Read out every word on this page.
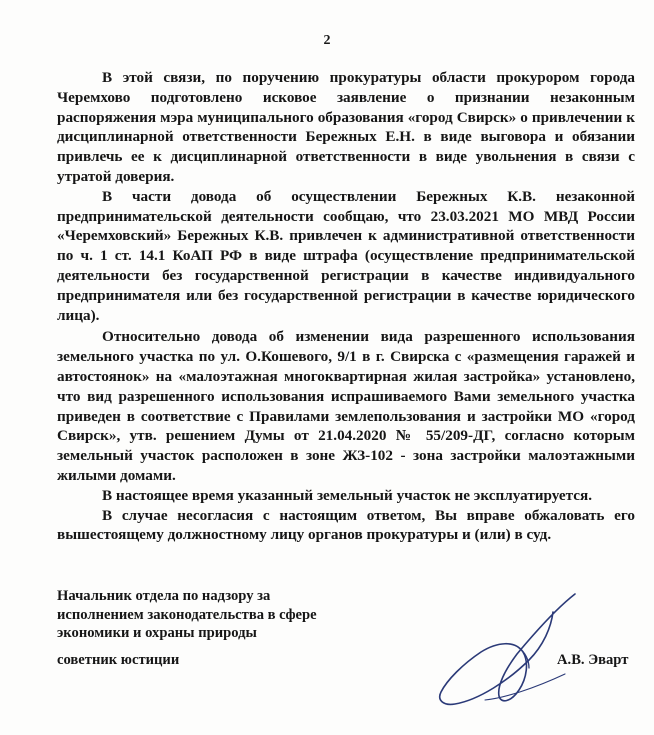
2

В этой связи, по поручению прокуратуры области прокурором города Черемхово подготовлено исковое заявление о признании незаконным распоряжения мэра муниципального образования «город Свирск» о привлечении к дисциплинарной ответственности Бережных Е.Н. в виде выговора и обязании привлечь ее к дисциплинарной ответственности в виде увольнения в связи с утратой доверия.

В части довода об осуществлении Бережных К.В. незаконной предпринимательской деятельности сообщаю, что 23.03.2021 МО МВД России «Черемховский» Бережных К.В. привлечен к административной ответственности по ч. 1 ст. 14.1 КоАП РФ в виде штрафа (осуществление предпринимательской деятельности без государственной регистрации в качестве индивидуального предпринимателя или без государственной регистрации в качестве юридического лица).

Относительно довода об изменении вида разрешенного использования земельного участка по ул. О.Кошевого, 9/1 в г. Свирска с «размещения гаражей и автостоянок» на «малоэтажная многоквартирная жилая застройка» установлено, что вид разрешенного использования испрашиваемого Вами земельного участка приведен в соответствие с Правилами землепользования и застройки МО «город Свирск», утв. решением Думы от 21.04.2020 № 55/209-ДГ, согласно которым земельный участок расположен в зоне ЖЗ-102 - зона застройки малоэтажными жилыми домами.

В настоящее время указанный земельный участок не эксплуатируется.

В случае несогласия с настоящим ответом, Вы вправе обжаловать его вышестоящему должностному лицу органов прокуратуры и (или) в суд.

Начальник отдела по надзору за
исполнением законодательства в сфере
экономики и охраны природы
советник юстиции	А.В. Эварт
